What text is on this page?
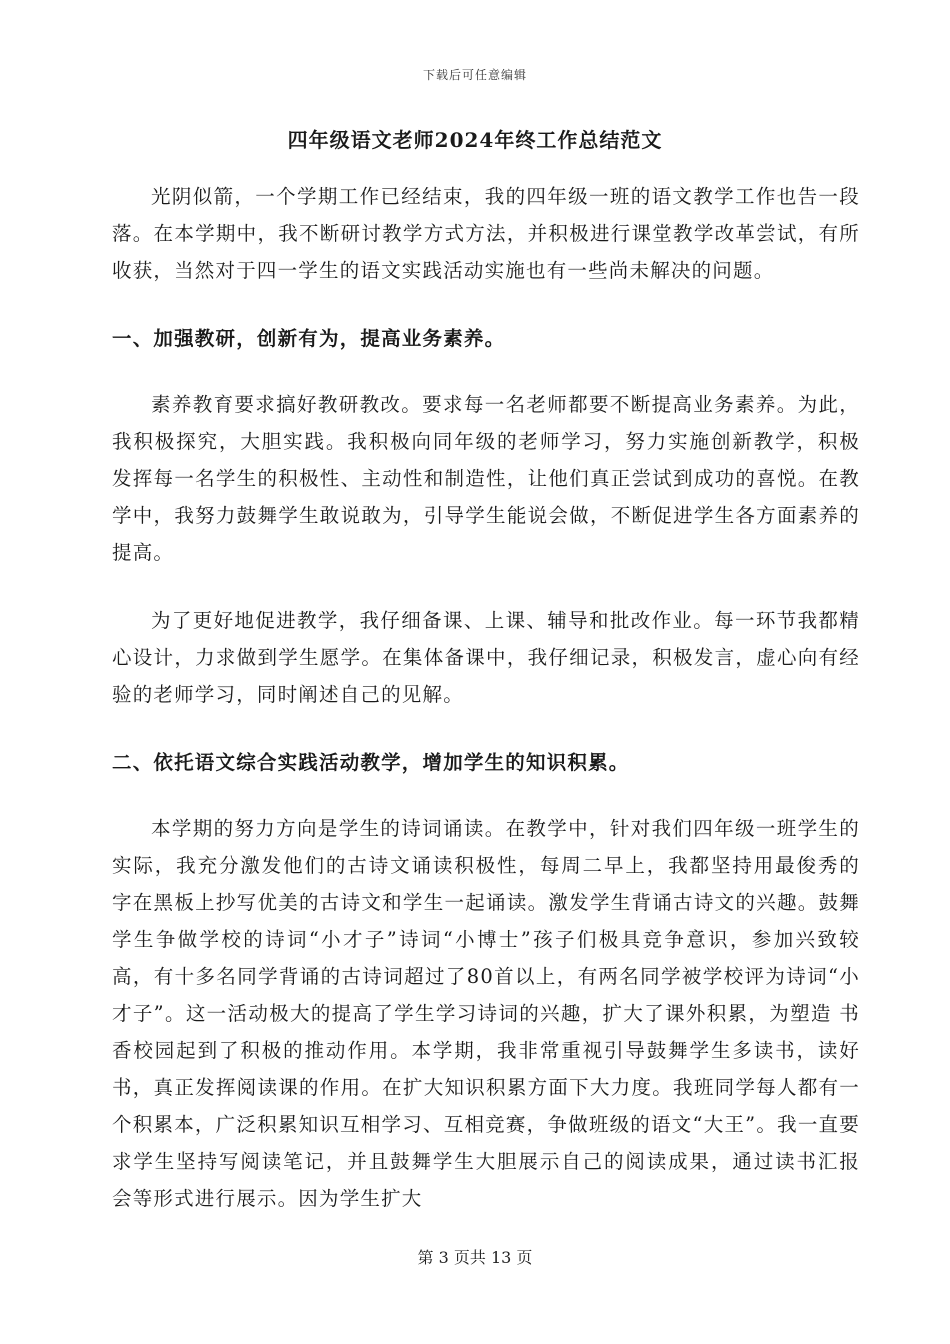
下载后可任意编辑
四年级语文老师2024年终工作总结范文

光阴似箭，一个学期工作已经结束，我的四年级一班的语文教学工作也告一段落。在本学期中，我不断研讨教学方式方法，并积极进行课堂教学改革尝试，有所收获，当然对于四一学生的语文实践活动实施也有一些尚未解决的问题。

一、加强教研，创新有为，提高业务素养。

素养教育要求搞好教研教改。要求每一名老师都要不断提高业务素养。为此，我积极探究，大胆实践。我积极向同年级的老师学习，努力实施创新教学，积极 发挥每一名学生的积极性、主动性和制造性，让他们真正尝试到成功的喜悦。在教学中，我努力鼓舞学生敢说敢为，引导学生能说会做，不断促进学生各方面素养的 提高。

为了更好地促进教学，我仔细备课、上课、辅导和批改作业。每一环节我都精心设计，力求做到学生愿学。在集体备课中，我仔细记录，积极发言，虚心向有经验的老师学习，同时阐述自己的见解。

二、依托语文综合实践活动教学，增加学生的知识积累。

本学期的努力方向是学生的诗词诵读。在教学中，针对我们四年级一班学生的实际，我充分激发他们的古诗文诵读积极性，每周二早上，我都坚持用最俊秀的 字在黑板上抄写优美的古诗文和学生一起诵读。激发学生背诵古诗文的兴趣。鼓舞学生争做学校的诗词“小才子”诗词“小博士”孩子们极具竞争意识，参加兴致较 高，有十多名同学背诵的古诗词超过了80首以上，有两名同学被学校评为诗词“小才子”。这一活动极大的提高了学生学习诗词的兴趣，扩大了课外积累，为塑造 书香校园起到了积极的推动作用。本学期，我非常重视引导鼓舞学生多读书，读好书，真正发挥阅读课的作用。在扩大知识积累方面下大力度。我班同学每人都有一 个积累本，广泛积累知识互相学习、互相竞赛，争做班级的语文“大王”。我一直要求学生坚持写阅读笔记，并且鼓舞学生大胆展示自己的阅读成果，通过读书汇报 会等形式进行展示。因为学生扩大

第 3 页共 13 页
